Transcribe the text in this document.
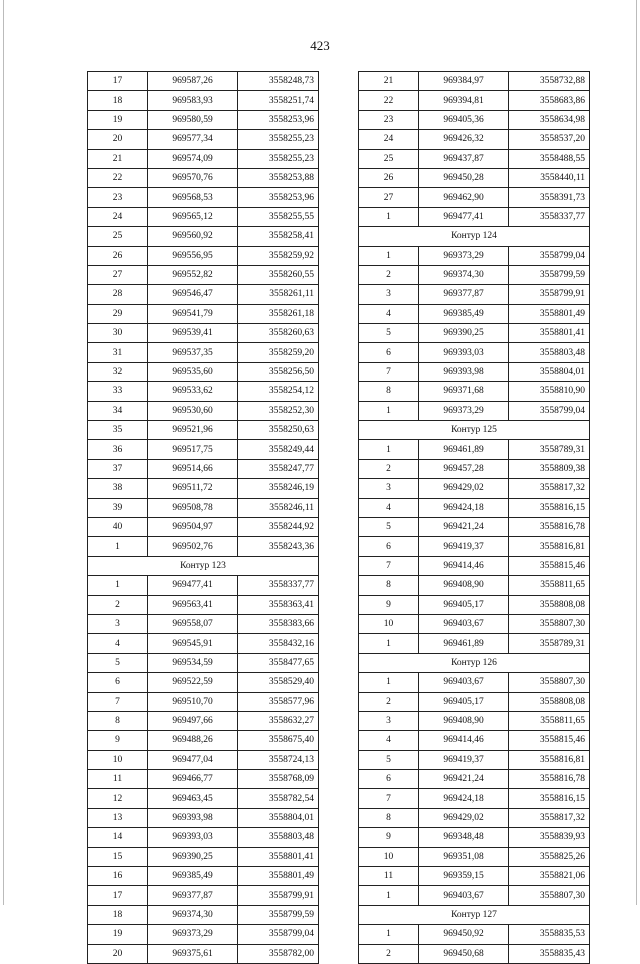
423
17	969587,26	3558248,73
18	969583,93	3558251,74
19	969580,59	3558253,96
20	969577,34	3558255,23
21	969574,09	3558255,23
22	969570,76	3558253,88
23	969568,53	3558253,96
24	969565,12	3558255,55
25	969560,92	3558258,41
26	969556,95	3558259,92
27	969552,82	3558260,55
28	969546,47	3558261,11
29	969541,79	3558261,18
30	969539,41	3558260,63
31	969537,35	3558259,20
32	969535,60	3558256,50
33	969533,62	3558254,12
34	969530,60	3558252,30
35	969521,96	3558250,63
36	969517,75	3558249,44
37	969514,66	3558247,77
38	969511,72	3558246,19
39	969508,78	3558246,11
40	969504,97	3558244,92
1	969502,76	3558243,36
Контур 123		
1	969477,41	3558337,77
2	969563,41	3558363,41
3	969558,07	3558383,66
4	969545,91	3558432,16
5	969534,59	3558477,65
6	969522,59	3558529,40
7	969510,70	3558577,96
8	969497,66	3558632,27
9	969488,26	3558675,40
10	969477,04	3558724,13
11	969466,77	3558768,09
12	969463,45	3558782,54
13	969393,98	3558804,01
14	969393,03	3558803,48
15	969390,25	3558801,41
16	969385,49	3558801,49
17	969377,87	3558799,91
18	969374,30	3558799,59
19	969373,29	3558799,04
20	969375,61	3558782,00
21	969384,97	3558732,88
22	969394,81	3558683,86
23	969405,36	3558634,98
24	969426,32	3558537,20
25	969437,87	3558488,55
26	969450,28	3558440,11
27	969462,90	3558391,73
1	969477,41	3558337,77
Контур 124		
1	969373,29	3558799,04
2	969374,30	3558799,59
3	969377,87	3558799,91
4	969385,49	3558801,49
5	969390,25	3558801,41
6	969393,03	3558803,48
7	969393,98	3558804,01
8	969371,68	3558810,90
1	969373,29	3558799,04
Контур 125		
1	969461,89	3558789,31
2	969457,28	3558809,38
3	969429,02	3558817,32
4	969424,18	3558816,15
5	969421,24	3558816,78
6	969419,37	3558816,81
7	969414,46	3558815,46
8	969408,90	3558811,65
9	969405,17	3558808,08
10	969403,67	3558807,30
1	969461,89	3558789,31
Контур 126		
1	969403,67	3558807,30
2	969405,17	3558808,08
3	969408,90	3558811,65
4	969414,46	3558815,46
5	969419,37	3558816,81
6	969421,24	3558816,78
7	969424,18	3558816,15
8	969429,02	3558817,32
9	969348,48	3558839,93
10	969351,08	3558825,26
11	969359,15	3558821,06
1	969403,67	3558807,30
Контур 127		
1	969450,92	3558835,53
2	969450,68	3558835,43
